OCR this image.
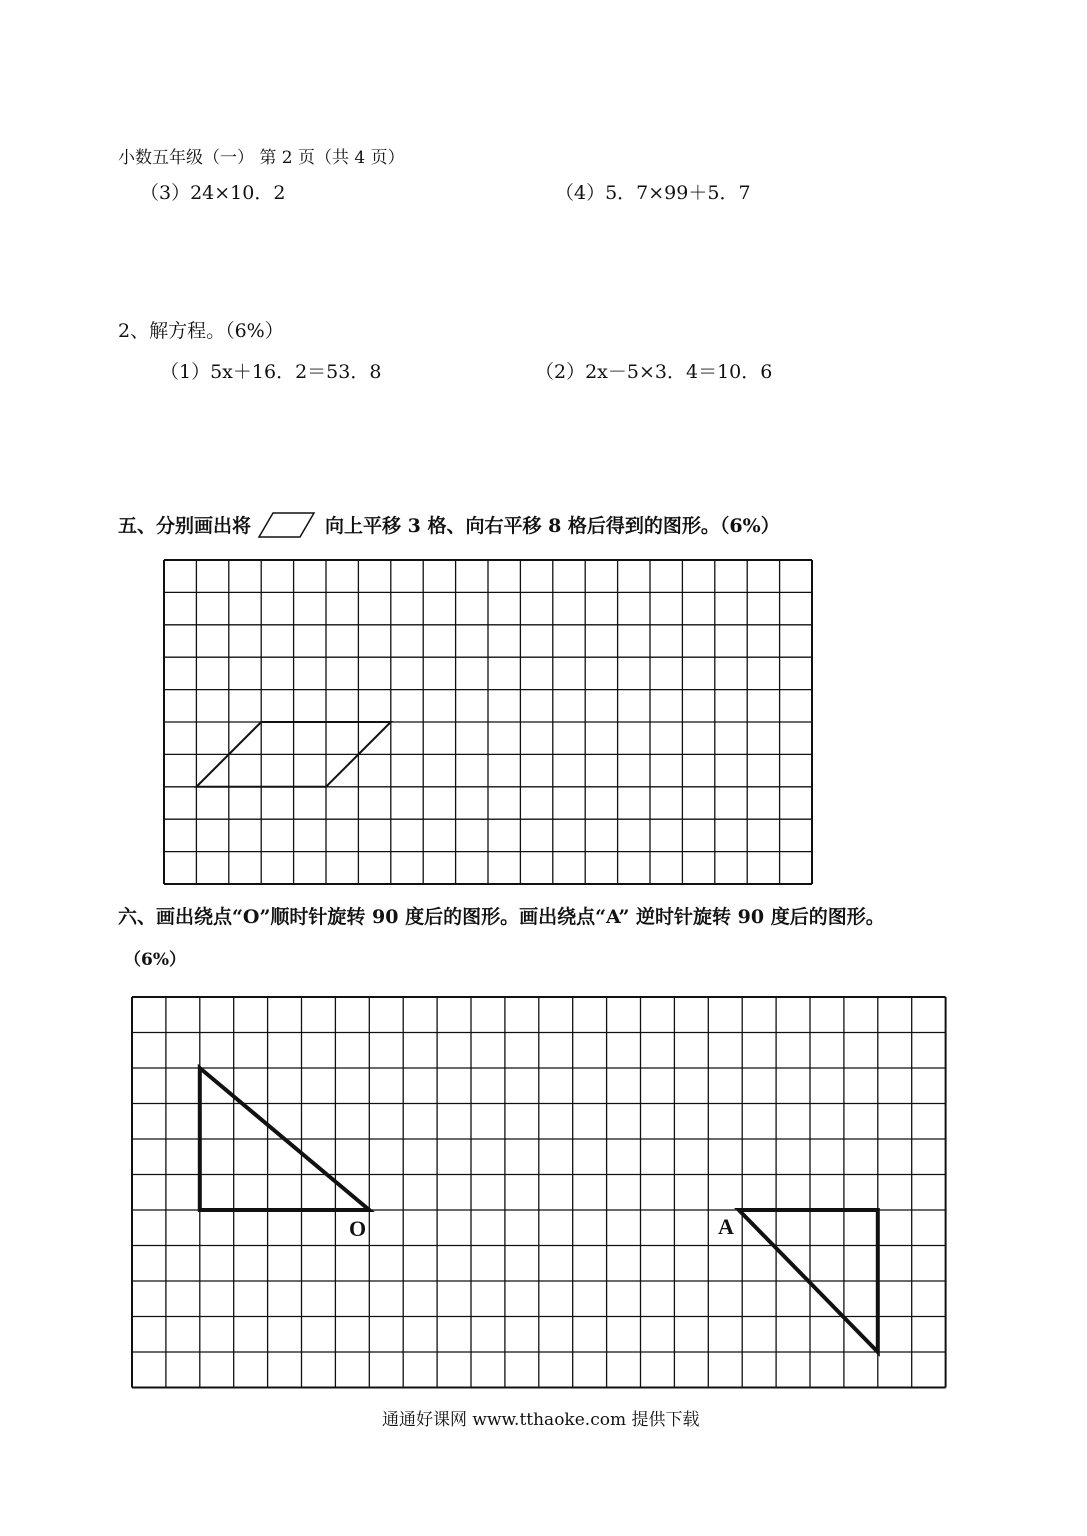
小数五年级（一） 第 2 页（共 4 页）
（3）24×10．2	（4）5．7×99＋5．7
2、解方程。（6%）
（1）5x＋16．2＝53．8	（2）2x－5×3．4＝10．6
五、分别画出将	向上平移 3 格、向右平移 8 格后得到的图形。（6%）
六、画出绕点“O”顺时针旋转 90 度后的图形。画出绕点“A” 逆时针旋转 90 度后的图形。
（6%）
O	A
通通好课网 www.tthaoke.com 提供下载
